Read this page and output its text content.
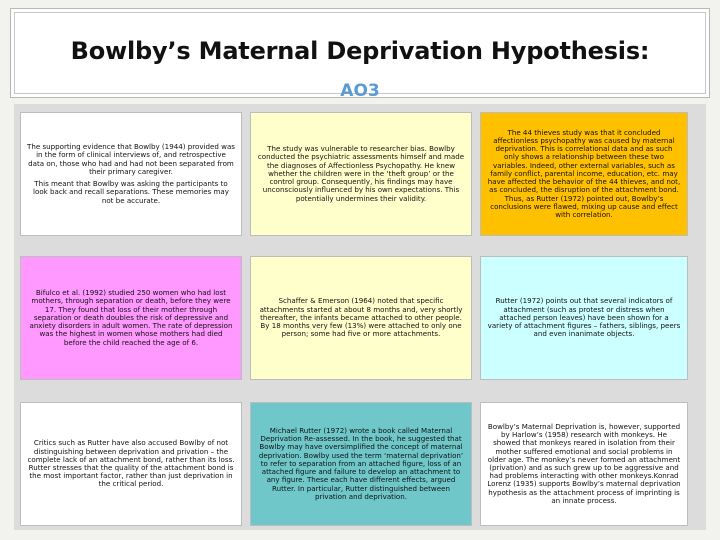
Bowlby’s Maternal Deprivation Hypothesis:
AO3

The supporting evidence that Bowlby (1944) provided was in the form of clinical interviews of, and retrospective data on, those who had and had not been separated from their primary caregiver.

This meant that Bowlby was asking the participants to look back and recall separations. These memories may not be accurate.

The study was vulnerable to researcher bias. Bowlby conducted the psychiatric assessments himself and made the diagnoses of Affectionless Psychopathy. He knew whether the children were in the ‘theft group’ or the control group. Consequently, his findings may have unconsciously influenced by his own expectations. This potentially undermines their validity.

The 44 thieves study was that it concluded affectionless psychopathy was caused by maternal deprivation. This is correlational data and as such only shows a relationship between these two variables. Indeed, other external variables, such as family conflict, parental income, education, etc. may have affected the behavior of the 44 thieves, and not, as concluded, the disruption of the attachment bond. Thus, as Rutter (1972) pointed out, Bowlby’s conclusions were flawed, mixing up cause and effect with correlation.

Bifulco et al. (1992) studied 250 women who had lost mothers, through separation or death, before they were 17. They found that loss of their mother through separation or death doubles the risk of depressive and anxiety disorders in adult women. The rate of depression was the highest in women whose mothers had died before the child reached the age of 6.

Schaffer & Emerson (1964) noted that specific attachments started at about 8 months and, very shortly thereafter, the infants became attached to other people. By 18 months very few (13%) were attached to only one person; some had five or more attachments.

Rutter (1972) points out that several indicators of attachment (such as protest or distress when attached person leaves) have been shown for a variety of attachment figures – fathers, siblings, peers and even inanimate objects.

Critics such as Rutter have also accused Bowlby of not distinguishing between deprivation and privation – the complete lack of an attachment bond, rather than its loss. Rutter stresses that the quality of the attachment bond is the most important factor, rather than just deprivation in the critical period.

Michael Rutter (1972) wrote a book called Maternal Deprivation Re-assessed. In the book, he suggested that Bowlby may have oversimplified the concept of maternal deprivation. Bowlby used the term ‘maternal deprivation’ to refer to separation from an attached figure, loss of an attached figure and failure to develop an attachment to any figure. These each have different effects, argued Rutter. In particular, Rutter distinguished between privation and deprivation.

Bowlby’s Maternal Deprivation is, however, supported by Harlow’s (1958) research with monkeys. He showed that monkeys reared in isolation from their mother suffered emotional and social problems in older age. The monkey’s never formed an attachment (privation) and as such grew up to be aggressive and had problems interacting with other monkeys.Konrad Lorenz (1935) supports Bowlby’s maternal deprivation hypothesis as the attachment process of imprinting is an innate process.
